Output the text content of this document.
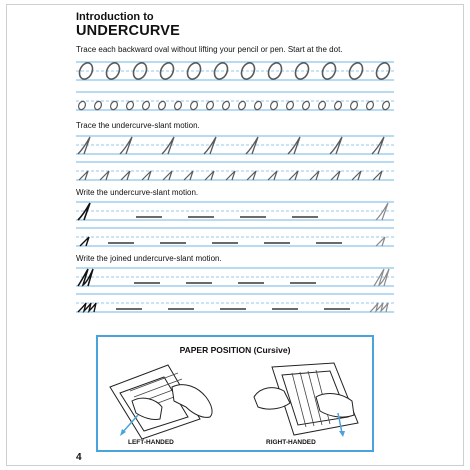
Introduction to
UNDERCURVE
Trace each backward oval without lifting your pencil or pen. Start at the dot.
Trace the undercurve-slant motion.
Write the undercurve-slant motion.
Write the joined undercurve-slant motion.
PAPER POSITION (Cursive)
LEFT-HANDED	RIGHT-HANDED
4
